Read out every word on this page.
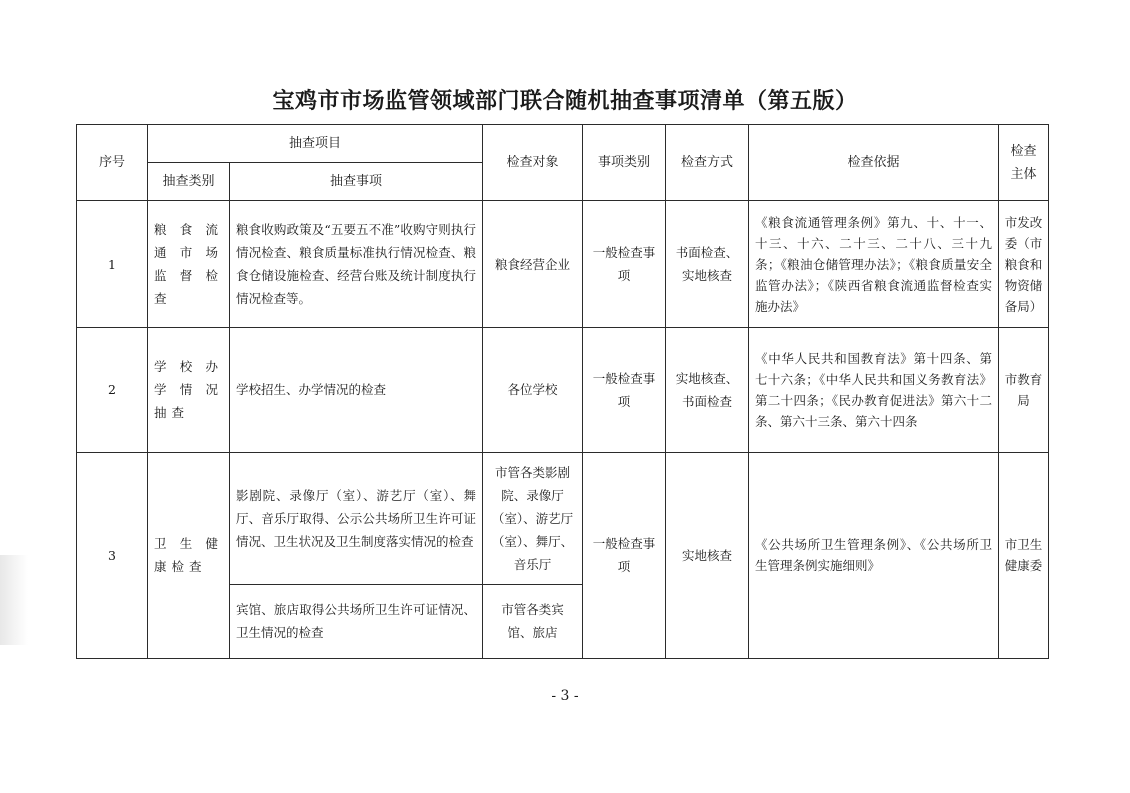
宝鸡市市场监管领域部门联合随机抽查事项清单（第五版）
序号	抽查项目		检查对象	事项类别	检查方式	检查依据	检查主体
	抽查类别	抽查事项					
1	粮食流通市场监督检查	粮食收购政策及“五要五不准”收购守则执行情况检查、粮食质量标准执行情况检查、粮食仓储设施检查、经营台账及统计制度执行情况检查等。	粮食经营企业	一般检查事项	书面检查、实地核查	《粮食流通管理条例》第九、十、十一、十三、十六、二十三、二十八、三十九条；《粮油仓储管理办法》；《粮食质量安全监管办法》；《陕西省粮食流通监督检查实施办法》	市发改委（市粮食和物资储备局）
2	学校办学情况抽查	学校招生、办学情况的检查	各位学校	一般检查事项	实地核查、书面检查	《中华人民共和国教育法》第十四条、第七十六条；《中华人民共和国义务教育法》第二十四条；《民办教育促进法》第六十二条、第六十三条、第六十四条	市教育局
3	卫生健康检查	影剧院、录像厅（室）、游艺厅（室）、舞厅、音乐厅取得、公示公共场所卫生许可证情况、卫生状况及卫生制度落实情况的检查	市管各类影剧院、录像厅（室）、游艺厅（室）、舞厅、音乐厅	一般检查事项	实地核查	《公共场所卫生管理条例》、《公共场所卫生管理条例实施细则》	市卫生健康委
		宾馆、旅店取得公共场所卫生许可证情况、卫生情况的检查	市管各类宾馆、旅店				
- 3 -
